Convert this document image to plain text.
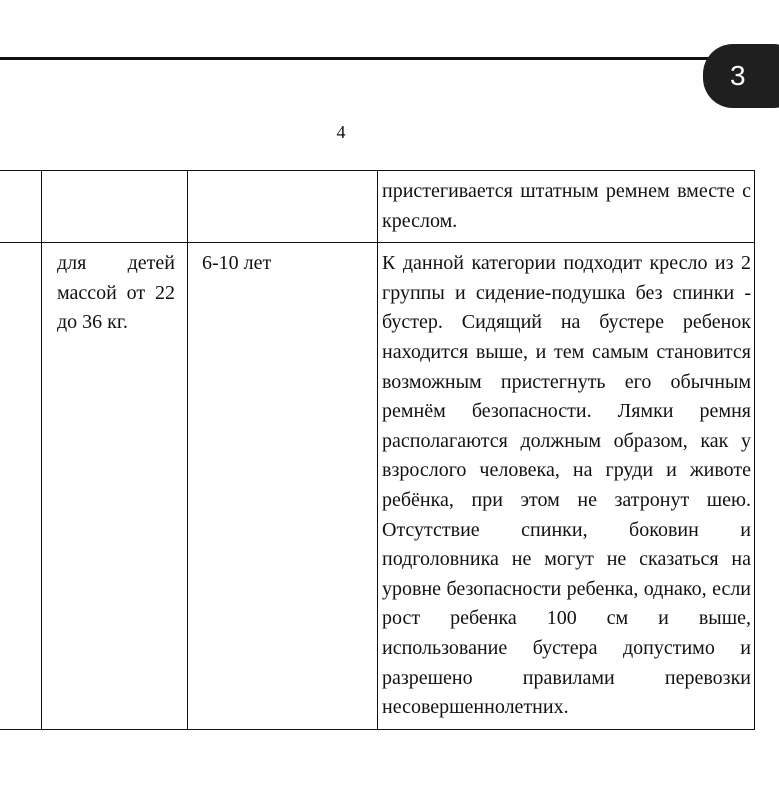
3
4
			пристегивается штатным ремнем вместе с креслом.
	для детей массой от 22 до 36 кг.	6-10 лет	К данной категории подходит кресло из 2 группы и сидение-подушка без спинки - бустер. Сидящий на бустере ребенок находится выше, и тем самым становится возможным пристегнуть его обычным ремнём безопасности. Лямки ремня располагаются должным образом, как у взрослого человека, на груди и животе ребёнка, при этом не затронут шею. Отсутствие спинки, боковин и подголовника не могут не сказаться на уровне безопасности ребенка, однако, если рост ребенка 100 см и выше, использование бустера допустимо и разрешено правилами перевозки несовершеннолетних.
